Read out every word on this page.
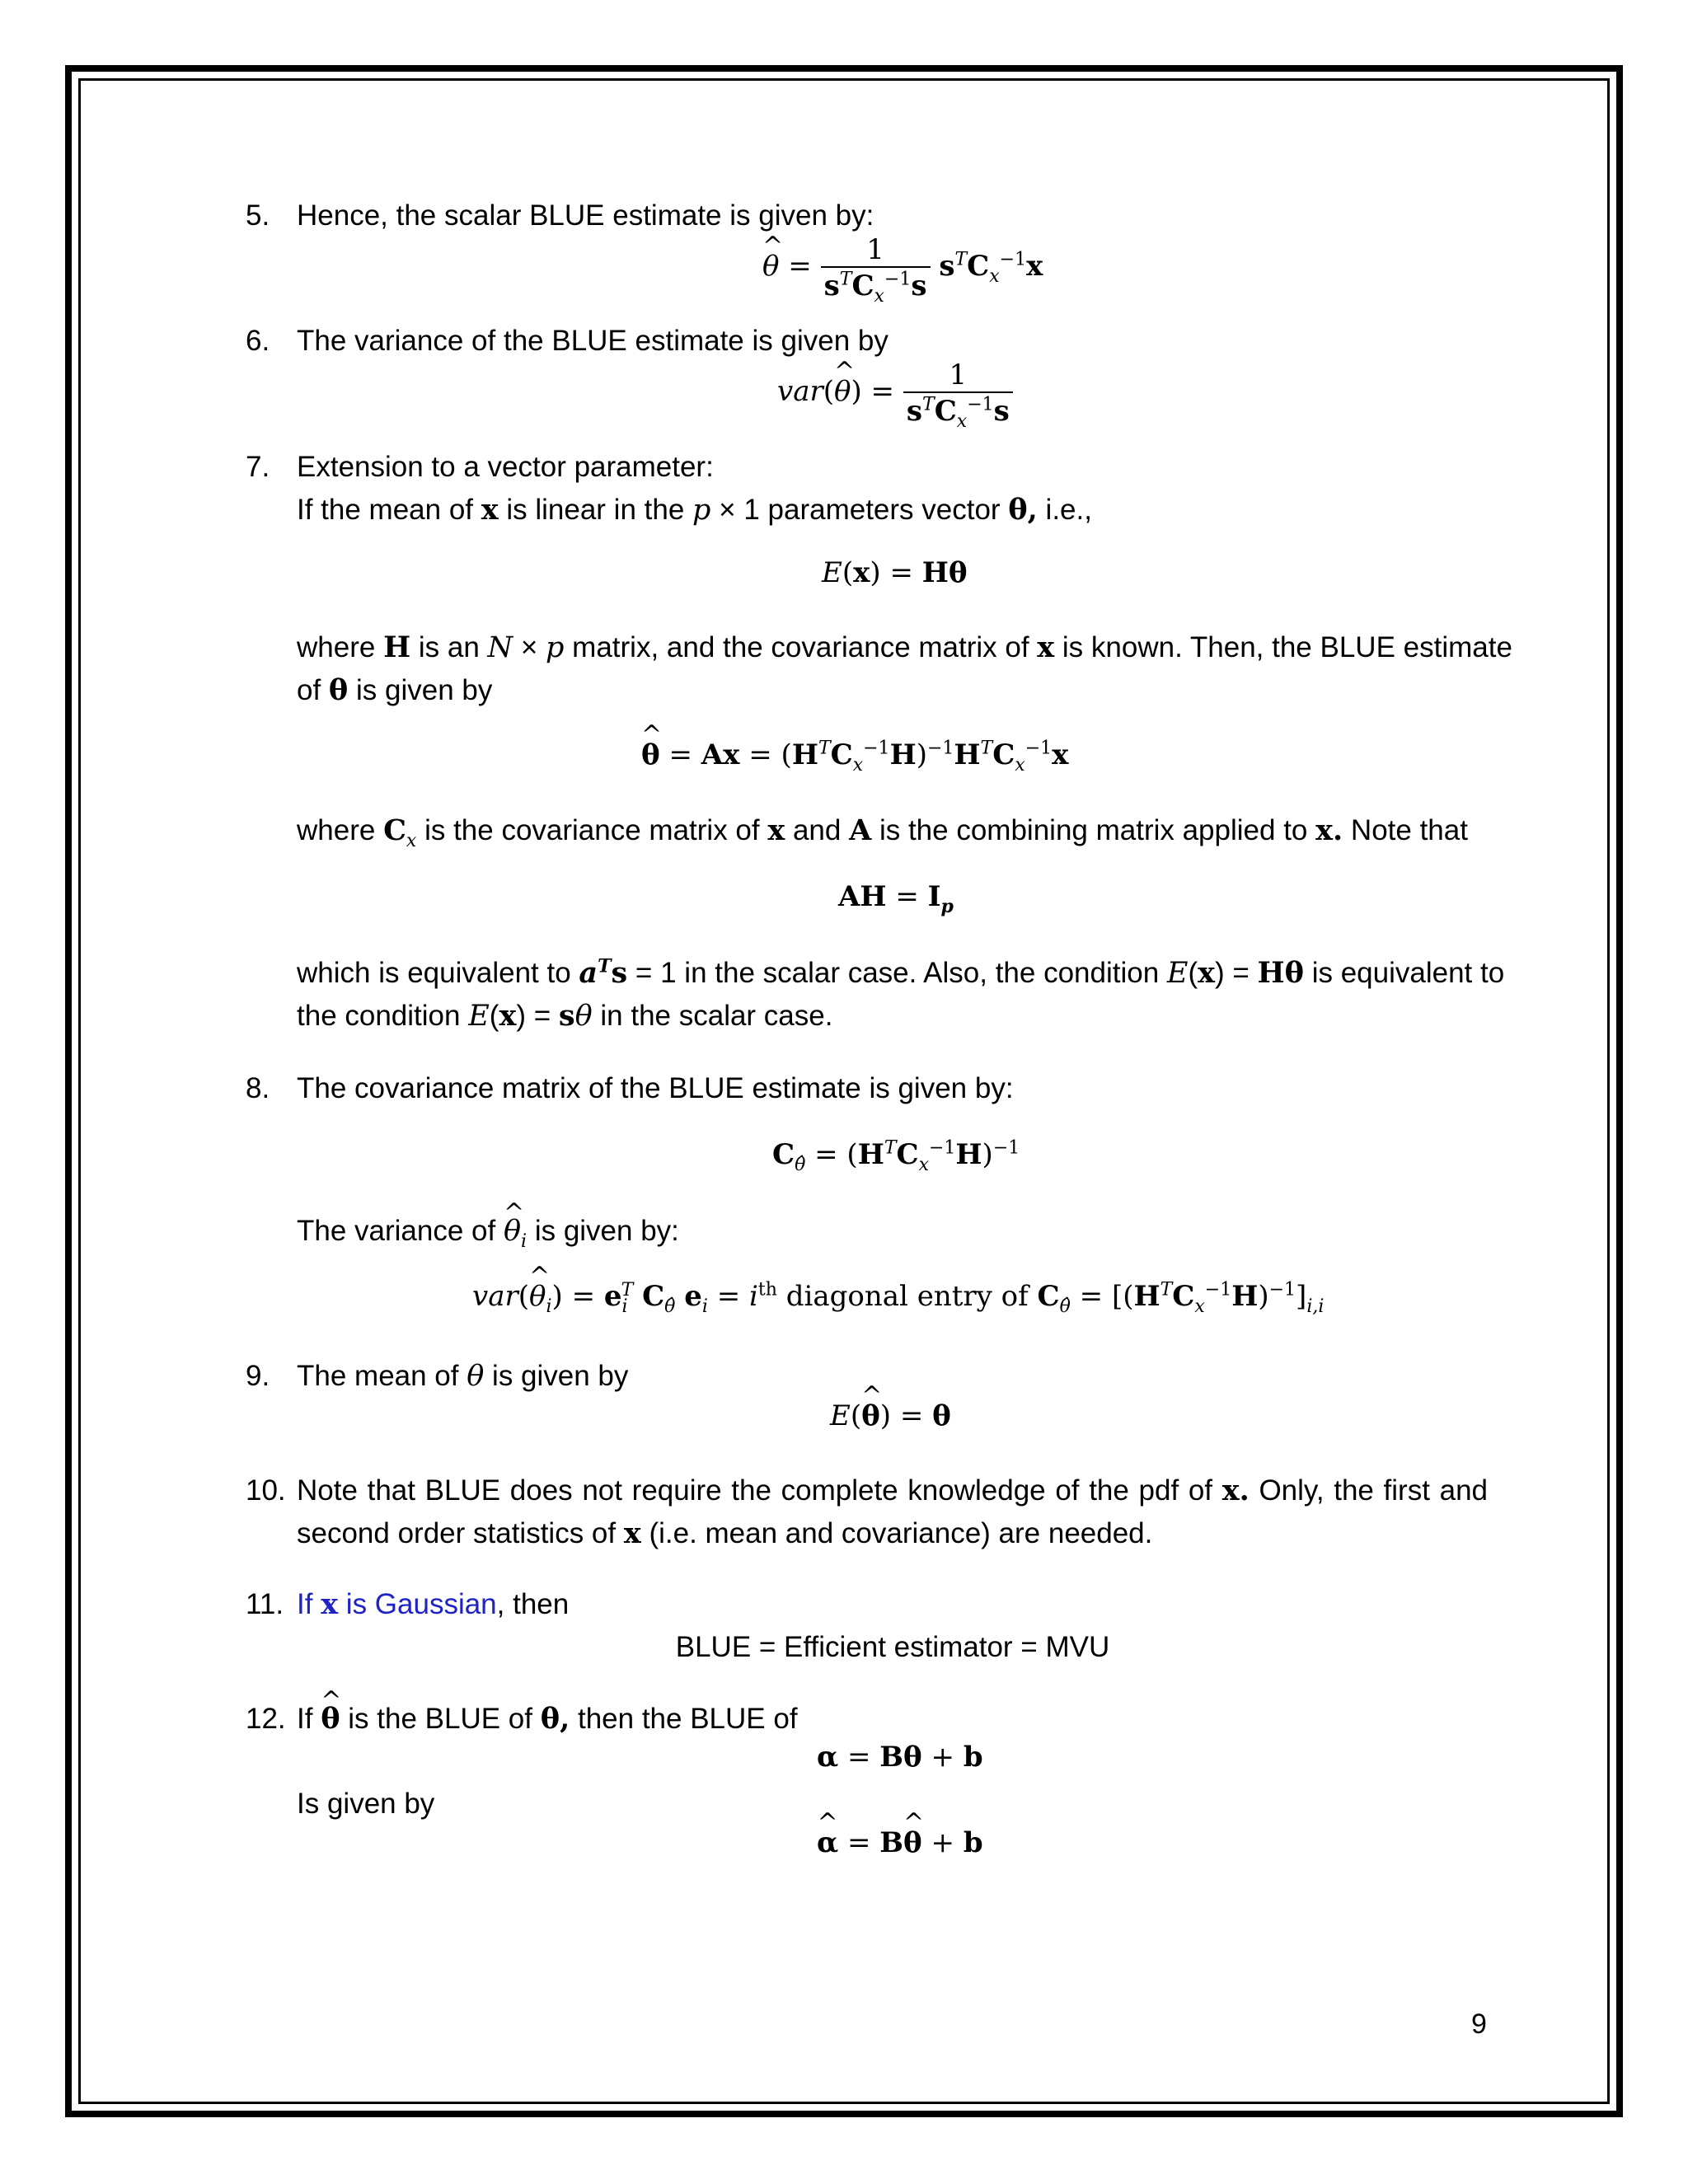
5. Hence, the scalar BLUE estimate is given by:
^ $\theta = \frac{1}{s^TC_x^{-1}s} s^TC_x^{-1}x$
6. The variance of the BLUE estimate is given by
var(^ $\theta) = \frac{1}{s^TC_x^{-1}s}$
7. Extension to a vector parameter:
If the mean of x is linear in the p × 1 parameters vector θ, i.e.,
E(x) = Hθ
where H is an N × p matrix, and the covariance matrix of x is known. Then, the BLUE estimate
of θ is given by
^ $\theta = Ax = (H^TC_x^{-1}H)^{-1}H^TC_x^{-1}x$
where $C_x$ is the covariance matrix of x and A is the combining matrix applied to x. Note that
AH = $I_p$
which is equivalent to $a^Ts = 1$ in the scalar case. Also, the condition E(x) = Hθ is equivalent to
the condition E(x) = sθ in the scalar case.
8. The covariance matrix of the BLUE estimate is given by:
$C_{\thetâ} = (H^TC_x^{-1}H)^{-1}$
The variance of ^ $\theta_i$ is given by:
var(^ $\theta_i) = e_i^T$ $C_{\thetâ}$ $e_i = i^{th}$ diagonal entry of $C_{\thetâ} = [(H^TC_x^{-1}H)^{-1}]_{i,i}$
9. The mean of θ is given by
E(^ θ) = θ
10. Note that BLUE does not require the complete knowledge of the pdf of x. Only, the first and
second order statistics of x (i.e. mean and covariance) are needed.
11. If x is Gaussian, then
BLUE = Efficient estimator = MVU
12. If ^ θ is the BLUE of θ, then the BLUE of
α = Bθ + b
Is given by
^ α = B^ θ + b
9
